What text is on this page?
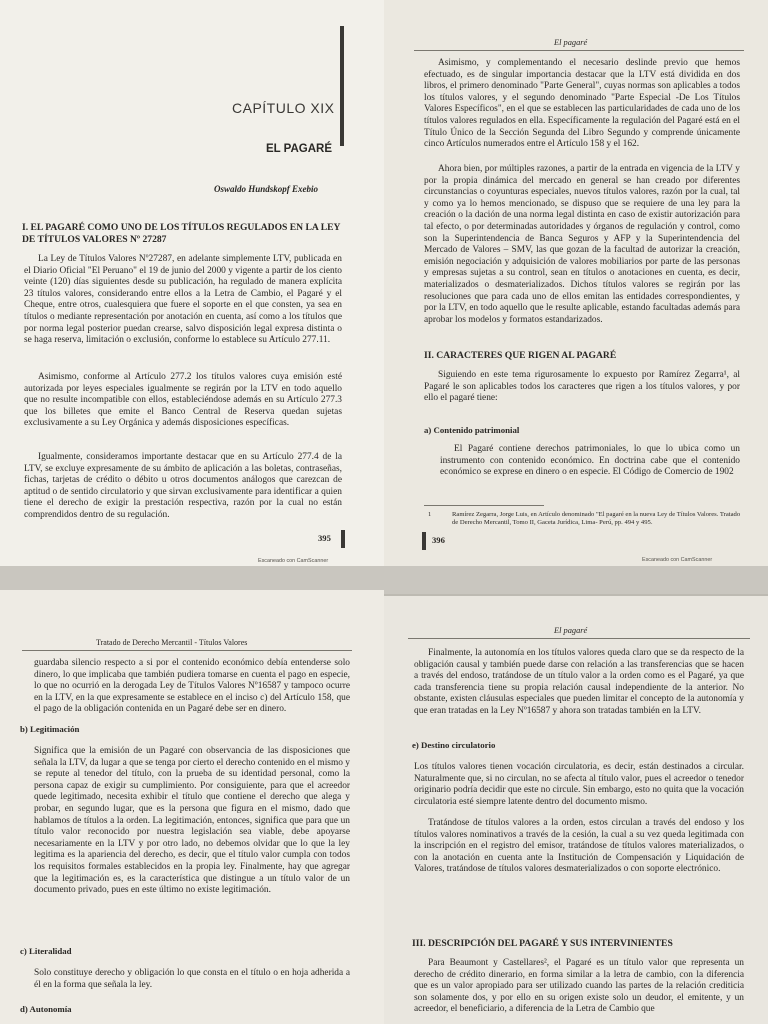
CAPÍTULO XIX
EL PAGARÉ
Oswaldo Hundskopf Exebio

I. EL PAGARÉ COMO UNO DE LOS TÍTULOS REGULADOS EN LA LEY DE TÍTULOS VALORES Nº 27287

La Ley de Títulos Valores Nº27287, en adelante simplemente LTV, publicada en el Diario Oficial "El Peruano" el 19 de junio del 2000 y vigente a partir de los ciento veinte (120) días siguientes desde su publicación, ha regulado de manera explícita 23 títulos valores, considerando entre ellos a la Letra de Cambio, el Pagaré y el Cheque, entre otros, cualesquiera que fuere el soporte en el que consten, ya sea en títulos o mediante representación por anotación en cuenta, así como a los títulos que por norma legal posterior puedan crearse, salvo disposición legal expresa distinta o se haga reserva, limitación o exclusión, conforme lo establece su Artículo 277.11.

Asimismo, conforme al Artículo 277.2 los títulos valores cuya emisión esté autorizada por leyes especiales igualmente se regirán por la LTV en todo aquello que no resulte incompatible con ellos, estableciéndose además en su Artículo 277.3 que los billetes que emite el Banco Central de Reserva quedan sujetas exclusivamente a su Ley Orgánica y además disposiciones específicas.

Igualmente, consideramos importante destacar que en su Artículo 277.4 de la LTV, se excluye expresamente de su ámbito de aplicación a las boletas, contraseñas, fichas, tarjetas de crédito o débito u otros documentos análogos que carezcan de aptitud o de sentido circulatorio y que sirvan exclusivamente para identificar a quien tiene el derecho de exigir la prestación respectiva, razón por la cual no están comprendidos dentro de su regulación.

395
Escaneado con CamScanner
El pagaré

Asimismo, y complementando el necesario deslinde previo que hemos efectuado, es de singular importancia destacar que la LTV está dividida en dos libros, el primero denominado "Parte General", cuyas normas son aplicables a todos los títulos valores, y el segundo denominado "Parte Especial -De Los Títulos Valores Específicos", en el que se establecen las particularidades de cada uno de los títulos valores regulados en ella. Específicamente la regulación del Pagaré está en el Título Único de la Sección Segunda del Libro Segundo y comprende únicamente cinco Artículos numerados entre el Artículo 158 y el 162.

Ahora bien, por múltiples razones, a partir de la entrada en vigencia de la LTV y por la propia dinámica del mercado en general se han creado por diferentes circunstancias o coyunturas especiales, nuevos títulos valores, razón por la cual, tal y como ya lo hemos mencionado, se dispuso que se requiere de una ley para la creación o la dación de una norma legal distinta en caso de existir autorización para tal efecto, o por determinadas autoridades y órganos de regulación y control, como son la Superintendencia de Banca Seguros y AFP y la Superintendencia del Mercado de Valores – SMV, las que gozan de la facultad de autorizar la creación, emisión negociación y adquisición de valores mobiliarios por parte de las personas y empresas sujetas a su control, sean en títulos o anotaciones en cuenta, es decir, materializados o desmaterializados. Dichos títulos valores se regirán por las resoluciones que para cada uno de ellos emitan las entidades correspondientes, y por la LTV, en todo aquello que le resulte aplicable, estando facultadas además para aprobar los modelos y formatos estandarizados.

II. CARACTERES QUE RIGEN AL PAGARÉ

Siguiendo en este tema rigurosamente lo expuesto por Ramírez Zegarra¹, al Pagaré le son aplicables todos los caracteres que rigen a los títulos valores, y por ello el pagaré tiene:

a) Contenido patrimonial

El Pagaré contiene derechos patrimoniales, lo que lo ubica como un instrumento con contenido económico. En doctrina cabe que el contenido económico se exprese en dinero o en especie. El Código de Comercio de 1902

1	Ramírez Zegarra, Jorge Luis, en Artículo denominado "El pagaré en la nueva Ley de Títulos Valores. Tratado de Derecho Mercantil, Tomo II, Gaceta Jurídica, Lima- Perú, pp. 494 y 495.

396
Escaneado con CamScanner
Tratado de Derecho Mercantil - Títulos Valores

guardaba silencio respecto a si por el contenido económico debía entenderse solo dinero, lo que implicaba que también pudiera tomarse en cuenta el pago en especie, lo que no ocurrió en la derogada Ley de Títulos Valores Nº16587 y tampoco ocurre en la LTV, en la que expresamente se establece en el inciso c) del Artículo 158, que el pago de la obligación contenida en un Pagaré debe ser en dinero.

b) Legitimación

Significa que la emisión de un Pagaré con observancia de las disposiciones que señala la LTV, da lugar a que se tenga por cierto el derecho contenido en el mismo y se repute al tenedor del título, con la prueba de su identidad personal, como la persona capaz de exigir su cumplimiento. Por consiguiente, para que el acreedor quede legitimado, necesita exhibir el título que contiene el derecho que alega y probar, en segundo lugar, que es la persona que figura en el mismo, dado que hablamos de títulos a la orden. La legitimación, entonces, significa que para que un título valor reconocido por nuestra legislación sea viable, debe apoyarse necesariamente en la LTV y por otro lado, no debemos olvidar que lo que la ley legitima es la apariencia del derecho, es decir, que el título valor cumpla con todos los requisitos formales establecidos en la propia ley. Finalmente, hay que agregar que la legitimación es, es la característica que distingue a un título valor de un documento privado, pues en este último no existe legitimación.

c) Literalidad

Solo constituye derecho y obligación lo que consta en el título o en hoja adherida a él en la forma que señala la ley.

d) Autonomía

El pagaré

Finalmente, la autonomía en los títulos valores queda claro que se da respecto de la obligación causal y también puede darse con relación a las transferencias que se hacen a través del endoso, tratándose de un título valor a la orden como es el Pagaré, ya que cada transferencia tiene su propia relación causal independiente de la anterior. No obstante, existen cláusulas especiales que pueden limitar el concepto de la autonomía y que eran tratadas en la Ley Nº16587 y ahora son tratadas también en la LTV.

e) Destino circulatorio

Los títulos valores tienen vocación circulatoria, es decir, están destinados a circular. Naturalmente que, si no circulan, no se afecta al título valor, pues el acreedor o tenedor originario podría decidir que este no circule. Sin embargo, esto no quita que la vocación circulatoria esté siempre latente dentro del documento mismo.

Tratándose de títulos valores a la orden, estos circulan a través del endoso y los títulos valores nominativos a través de la cesión, la cual a su vez queda legitimada con la inscripción en el registro del emisor, tratándose de títulos valores materializados, o con la anotación en cuenta ante la Institución de Compensación y Liquidación de Valores, tratándose de títulos valores desmaterializados o con soporte electrónico.

III. DESCRIPCIÓN DEL PAGARÉ Y SUS INTERVINIENTES

Para Beaumont y Castellares², el Pagaré es un título valor que representa un derecho de crédito dinerario, en forma similar a la letra de cambio, con la diferencia que es un valor apropiado para ser utilizado cuando las partes de la relación crediticia son solamente dos, y por ello en su origen existe solo un deudor, el emitente, y un acreedor, el beneficiario, a diferencia de la Letra de Cambio que
